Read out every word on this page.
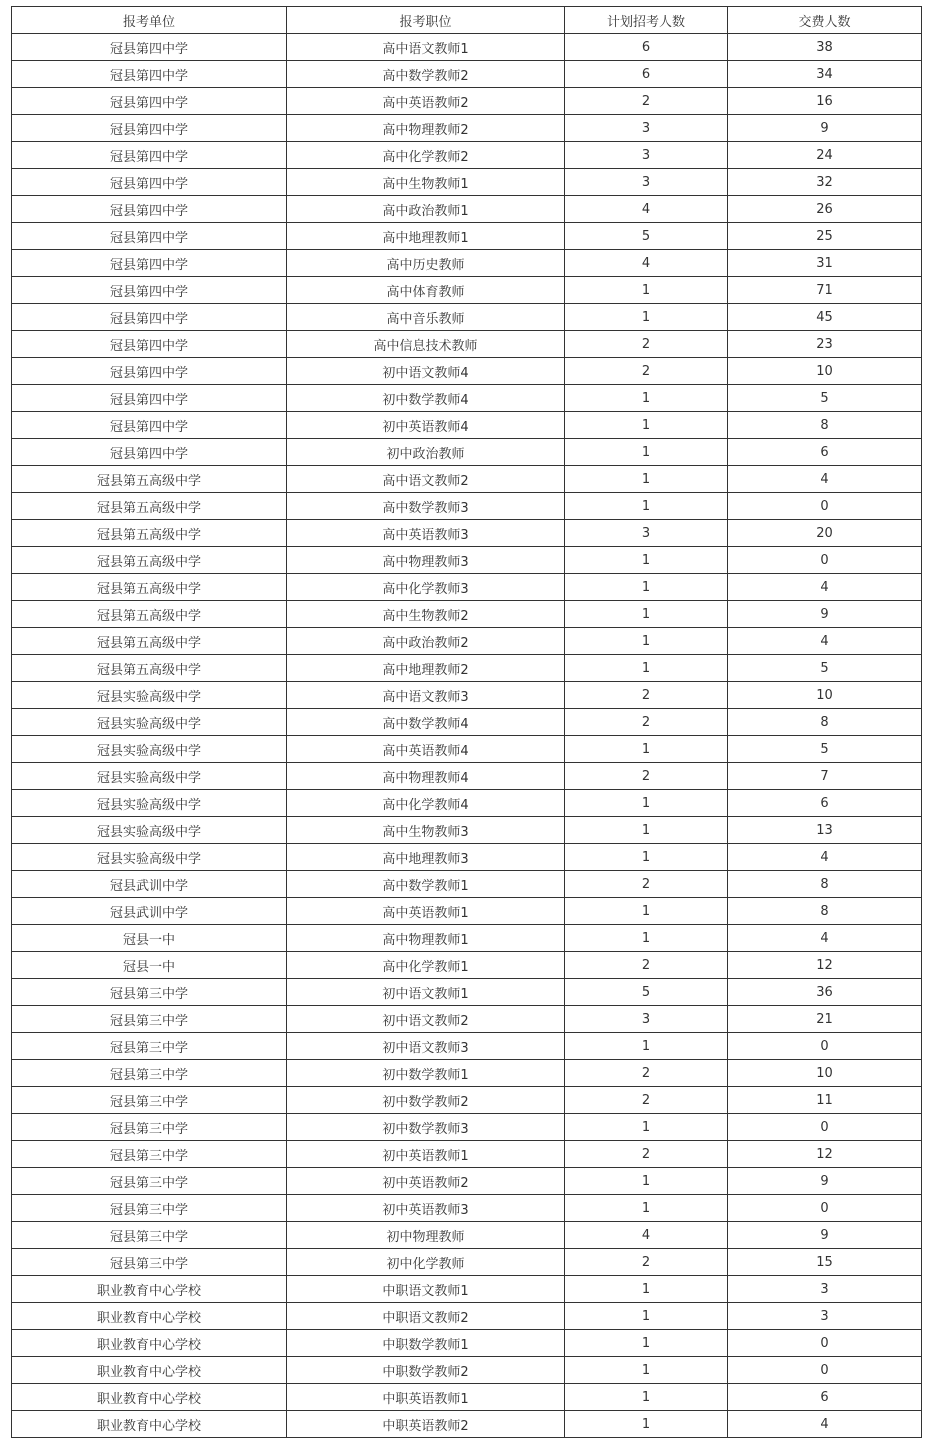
报考单位	报考职位	计划招考人数	交费人数
冠县第四中学	高中语文教师1	6	38
冠县第四中学	高中数学教师2	6	34
冠县第四中学	高中英语教师2	2	16
冠县第四中学	高中物理教师2	3	9
冠县第四中学	高中化学教师2	3	24
冠县第四中学	高中生物教师1	3	32
冠县第四中学	高中政治教师1	4	26
冠县第四中学	高中地理教师1	5	25
冠县第四中学	高中历史教师	4	31
冠县第四中学	高中体育教师	1	71
冠县第四中学	高中音乐教师	1	45
冠县第四中学	高中信息技术教师	2	23
冠县第四中学	初中语文教师4	2	10
冠县第四中学	初中数学教师4	1	5
冠县第四中学	初中英语教师4	1	8
冠县第四中学	初中政治教师	1	6
冠县第五高级中学	高中语文教师2	1	4
冠县第五高级中学	高中数学教师3	1	0
冠县第五高级中学	高中英语教师3	3	20
冠县第五高级中学	高中物理教师3	1	0
冠县第五高级中学	高中化学教师3	1	4
冠县第五高级中学	高中生物教师2	1	9
冠县第五高级中学	高中政治教师2	1	4
冠县第五高级中学	高中地理教师2	1	5
冠县实验高级中学	高中语文教师3	2	10
冠县实验高级中学	高中数学教师4	2	8
冠县实验高级中学	高中英语教师4	1	5
冠县实验高级中学	高中物理教师4	2	7
冠县实验高级中学	高中化学教师4	1	6
冠县实验高级中学	高中生物教师3	1	13
冠县实验高级中学	高中地理教师3	1	4
冠县武训中学	高中数学教师1	2	8
冠县武训中学	高中英语教师1	1	8
冠县一中	高中物理教师1	1	4
冠县一中	高中化学教师1	2	12
冠县第三中学	初中语文教师1	5	36
冠县第三中学	初中语文教师2	3	21
冠县第三中学	初中语文教师3	1	0
冠县第三中学	初中数学教师1	2	10
冠县第三中学	初中数学教师2	2	11
冠县第三中学	初中数学教师3	1	0
冠县第三中学	初中英语教师1	2	12
冠县第三中学	初中英语教师2	1	9
冠县第三中学	初中英语教师3	1	0
冠县第三中学	初中物理教师	4	9
冠县第三中学	初中化学教师	2	15
职业教育中心学校	中职语文教师1	1	3
职业教育中心学校	中职语文教师2	1	3
职业教育中心学校	中职数学教师1	1	0
职业教育中心学校	中职数学教师2	1	0
职业教育中心学校	中职英语教师1	1	6
职业教育中心学校	中职英语教师2	1	4
